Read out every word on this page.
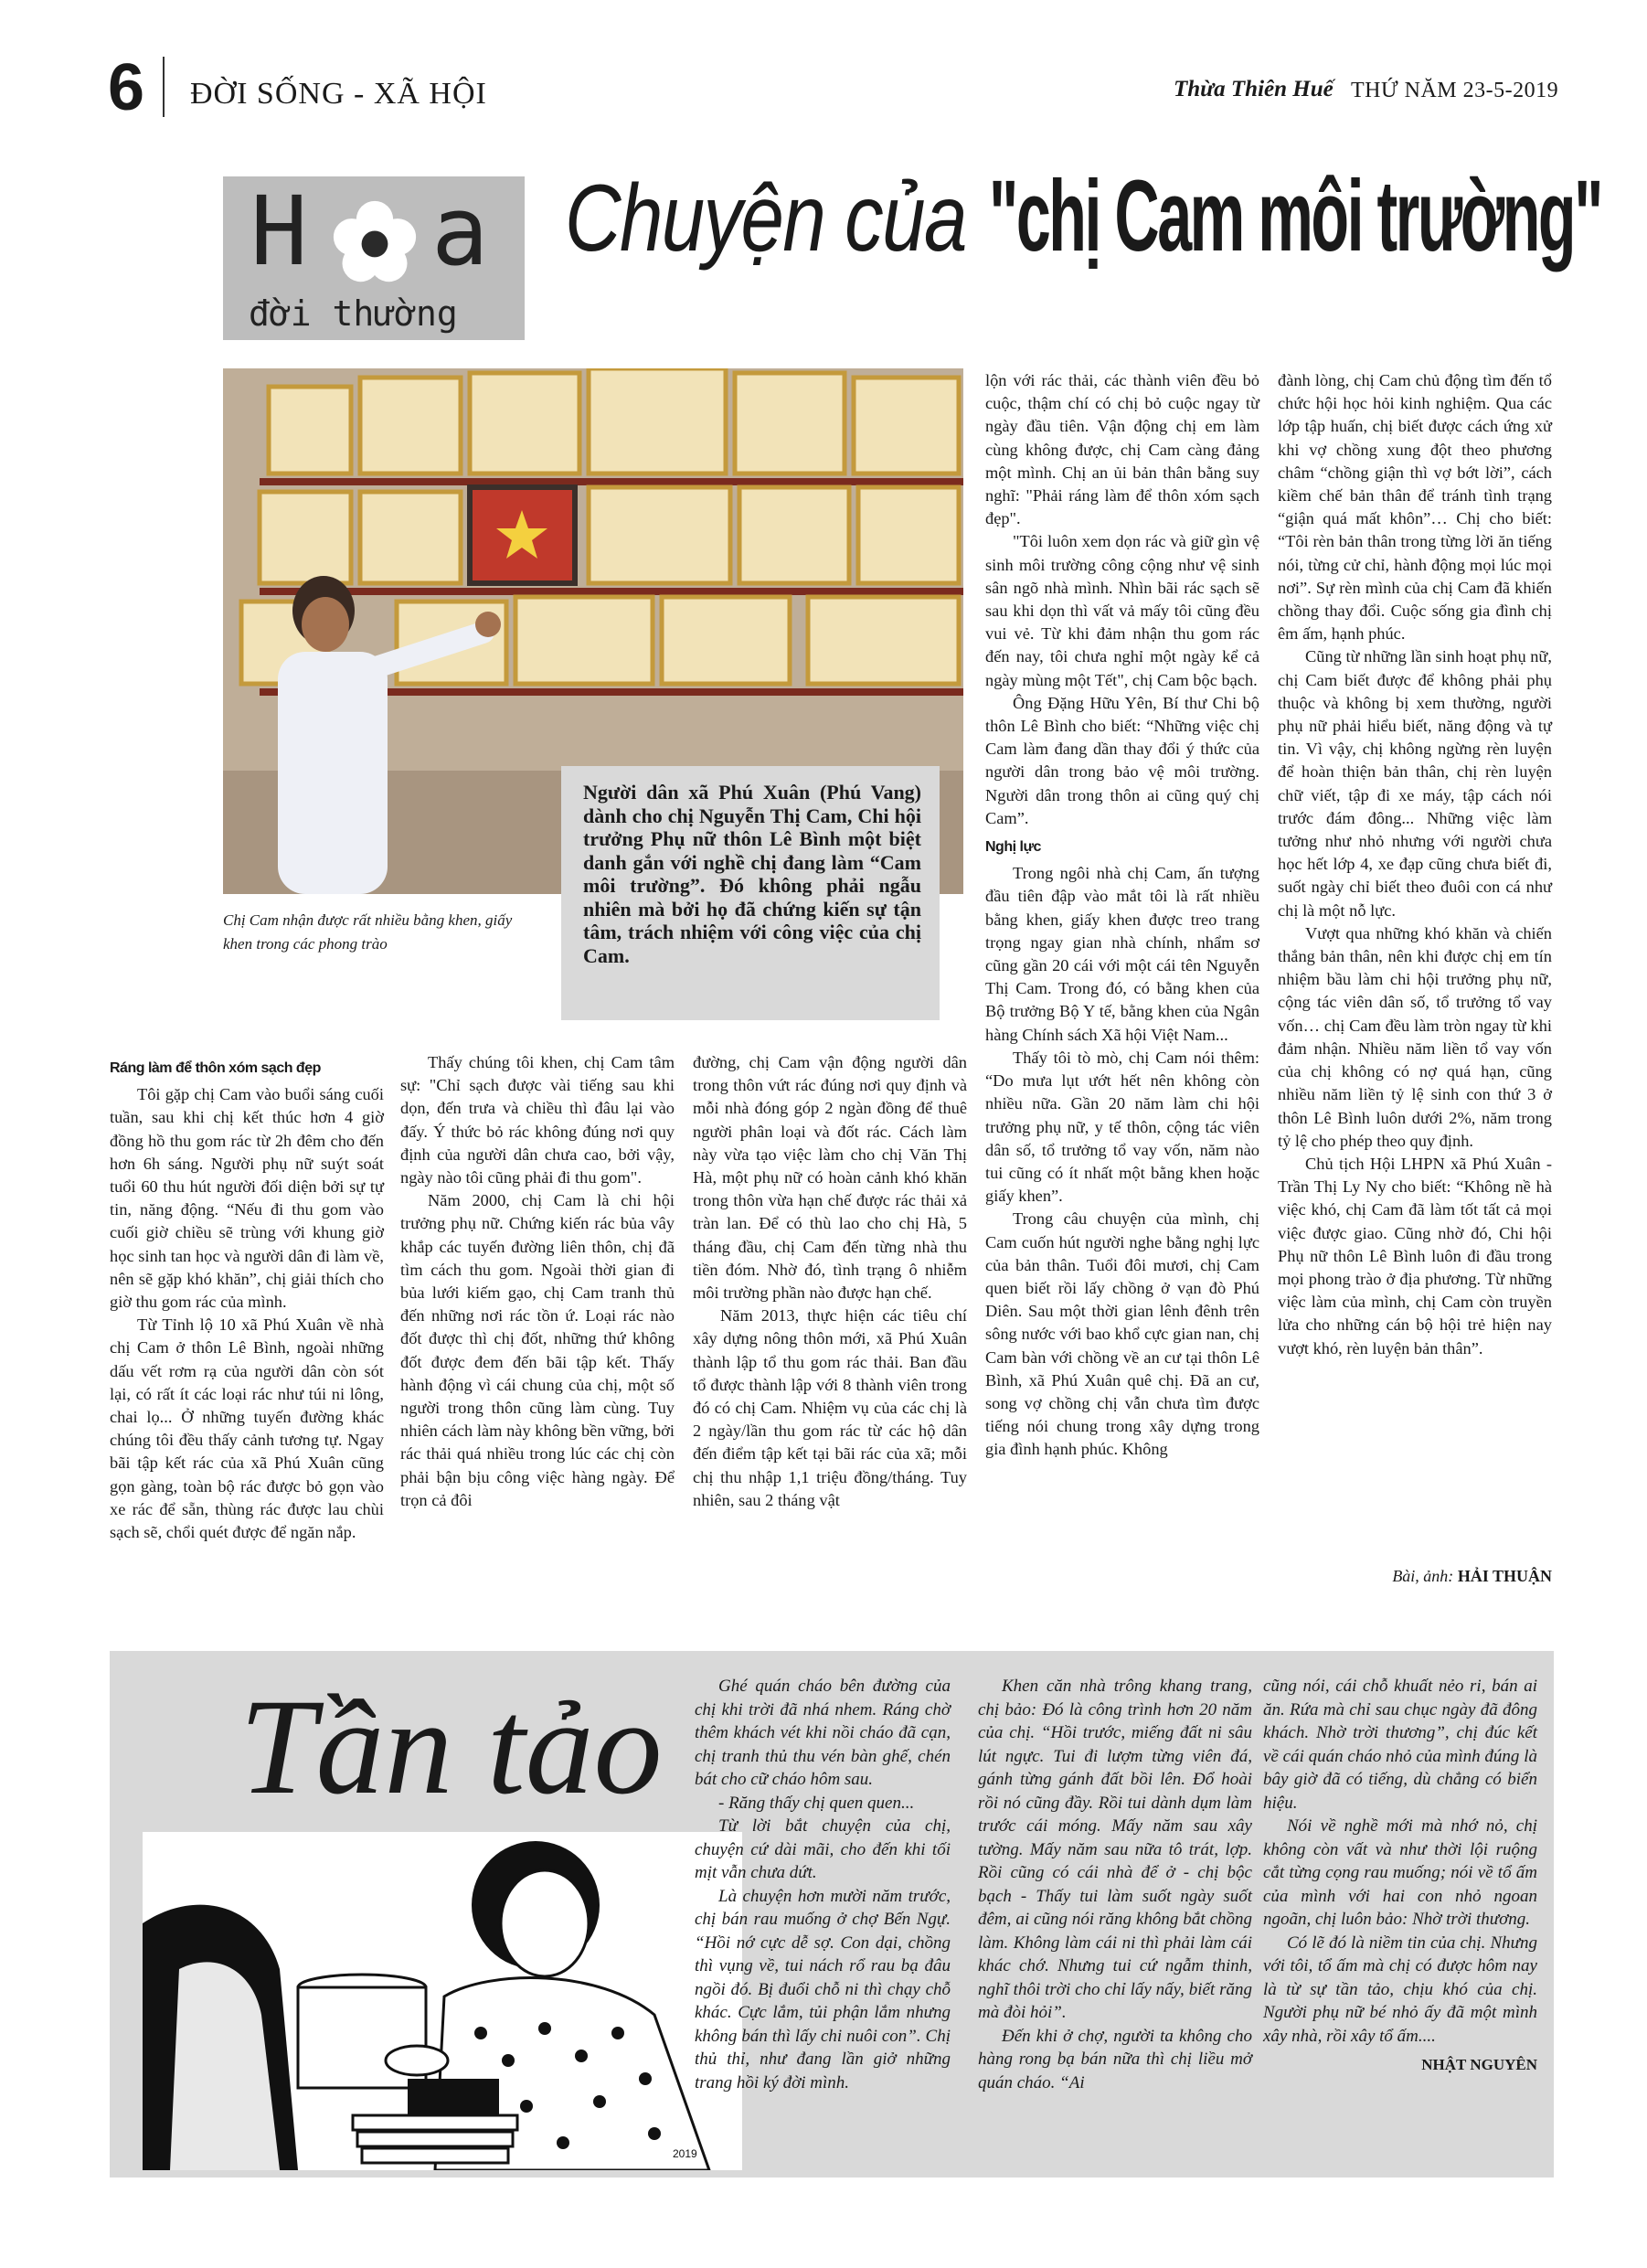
6 ĐỜI SỐNG - XÃ HỘI	Thừa Thiên Huế THỨ NĂM 23-5-2019
H a
đời thường
Chuyện của "chị Cam môi trường"
Chị Cam nhận được rất nhiều bằng khen, giấy khen trong các phong trào
Người dân xã Phú Xuân (Phú Vang) dành cho chị Nguyễn Thị Cam, Chi hội trưởng Phụ nữ thôn Lê Bình một biệt danh gắn với nghề chị đang làm “Cam môi trường”. Đó không phải ngẫu nhiên mà bởi họ đã chứng kiến sự tận tâm, trách nhiệm với công việc của chị Cam.

Ráng làm để thôn xóm sạch đẹp

Tôi gặp chị Cam vào buổi sáng cuối tuần, sau khi chị kết thúc hơn 4 giờ đồng hồ thu gom rác từ 2h đêm cho đến hơn 6h sáng. Người phụ nữ suýt soát tuổi 60 thu hút người đối diện bởi sự tự tin, năng động. “Nếu đi thu gom vào cuối giờ chiều sẽ trùng với khung giờ học sinh tan học và người dân đi làm về, nên sẽ gặp khó khăn”, chị giải thích cho giờ thu gom rác của mình.

Từ Tỉnh lộ 10 xã Phú Xuân về nhà chị Cam ở thôn Lê Bình, ngoài những dấu vết rơm rạ của người dân còn sót lại, có rất ít các loại rác như túi ni lông, chai lọ... Ở những tuyến đường khác chúng tôi đều thấy cảnh tương tự. Ngay bãi tập kết rác của xã Phú Xuân cũng gọn gàng, toàn bộ rác được bỏ gọn vào xe rác để sẵn, thùng rác được lau chùi sạch sẽ, chổi quét được để ngăn nắp.

Thấy chúng tôi khen, chị Cam tâm sự: "Chỉ sạch được vài tiếng sau khi dọn, đến trưa và chiều thì đâu lại vào đấy. Ý thức bỏ rác không đúng nơi quy định của người dân chưa cao, bởi vậy, ngày nào tôi cũng phải đi thu gom".

Năm 2000, chị Cam là chi hội trưởng phụ nữ. Chứng kiến rác bủa vây khắp các tuyến đường liên thôn, chị đã tìm cách thu gom. Ngoài thời gian đi bủa lưới kiếm gạo, chị Cam tranh thủ đến những nơi rác tồn ứ. Loại rác nào đốt được thì chị đốt, những thứ không đốt được đem đến bãi tập kết. Thấy hành động vì cái chung của chị, một số người trong thôn cũng làm cùng. Tuy nhiên cách làm này không bền vững, bởi rác thải quá nhiều trong lúc các chị còn phải bận bịu công việc hàng ngày. Để trọn cả đôi

đường, chị Cam vận động người dân trong thôn vứt rác đúng nơi quy định và mỗi nhà đóng góp 2 ngàn đồng để thuê người phân loại và đốt rác. Cách làm này vừa tạo việc làm cho chị Văn Thị Hà, một phụ nữ có hoàn cảnh khó khăn trong thôn vừa hạn chế được rác thải xả tràn lan. Để có thù lao cho chị Hà, 5 tháng đầu, chị Cam đến từng nhà thu tiền đóm. Nhờ đó, tình trạng ô nhiễm môi trường phần nào được hạn chế.

Năm 2013, thực hiện các tiêu chí xây dựng nông thôn mới, xã Phú Xuân thành lập tổ thu gom rác thải. Ban đầu tổ được thành lập với 8 thành viên trong đó có chị Cam. Nhiệm vụ của các chị là 2 ngày/lần thu gom rác từ các hộ dân đến điểm tập kết tại bãi rác của xã; mỗi chị thu nhập 1,1 triệu đồng/tháng. Tuy nhiên, sau 2 tháng vật

lộn với rác thải, các thành viên đều bỏ cuộc, thậm chí có chị bỏ cuộc ngay từ ngày đầu tiên. Vận động chị em làm cùng không được, chị Cam càng đảng một mình. Chị an ủi bản thân bằng suy nghĩ: "Phải ráng làm để thôn xóm sạch đẹp".

"Tôi luôn xem dọn rác và giữ gìn vệ sinh môi trường công cộng như vệ sinh sân ngõ nhà mình. Nhìn bãi rác sạch sẽ sau khi dọn thì vất vả mấy tôi cũng đều vui vẻ. Từ khi đảm nhận thu gom rác đến nay, tôi chưa nghỉ một ngày kể cả ngày mùng một Tết", chị Cam bộc bạch.

Ông Đặng Hữu Yên, Bí thư Chi bộ thôn Lê Bình cho biết: “Những việc chị Cam làm đang dần thay đổi ý thức của người dân trong bảo vệ môi trường. Người dân trong thôn ai cũng quý chị Cam”.

Nghị lực

Trong ngôi nhà chị Cam, ấn tượng đầu tiên đập vào mắt tôi là rất nhiều bằng khen, giấy khen được treo trang trọng ngay gian nhà chính, nhẩm sơ cũng gần 20 cái với một cái tên Nguyễn Thị Cam. Trong đó, có bằng khen của Bộ trưởng Bộ Y tế, bằng khen của Ngân hàng Chính sách Xã hội Việt Nam...

Thấy tôi tò mò, chị Cam nói thêm: “Do mưa lụt ướt hết nên không còn nhiều nữa. Gần 20 năm làm chi hội trưởng phụ nữ, y tế thôn, cộng tác viên dân số, tổ trưởng tổ vay vốn, năm nào tui cũng có ít nhất một bằng khen hoặc giấy khen”.

Trong câu chuyện của mình, chị Cam cuốn hút người nghe bằng nghị lực của bản thân. Tuổi đôi mươi, chị Cam quen biết rồi lấy chồng ở vạn đò Phú Diên. Sau một thời gian lênh đênh trên sông nước với bao khổ cực gian nan, chị Cam bàn với chồng về an cư tại thôn Lê Bình, xã Phú Xuân quê chị. Đã an cư, song vợ chồng chị vẫn chưa tìm được tiếng nói chung trong xây dựng trong gia đình hạnh phúc. Không

đành lòng, chị Cam chủ động tìm đến tổ chức hội học hỏi kinh nghiệm. Qua các lớp tập huấn, chị biết được cách ứng xử khi vợ chồng xung đột theo phương châm “chồng giận thì vợ bớt lời”, cách kiềm chế bản thân để tránh tình trạng “giận quá mất khôn”… Chị cho biết: “Tôi rèn bản thân trong từng lời ăn tiếng nói, từng cử chỉ, hành động mọi lúc mọi nơi”. Sự rèn mình của chị Cam đã khiến chồng thay đổi. Cuộc sống gia đình chị êm ấm, hạnh phúc.

Cũng từ những lần sinh hoạt phụ nữ, chị Cam biết được để không phải phụ thuộc và không bị xem thường, người phụ nữ phải hiểu biết, năng động và tự tin. Vì vậy, chị không ngừng rèn luyện để hoàn thiện bản thân, chị rèn luyện chữ viết, tập đi xe máy, tập cách nói trước đám đông... Những việc làm tưởng như nhỏ nhưng với người chưa học hết lớp 4, xe đạp cũng chưa biết đi, suốt ngày chỉ biết theo đuôi con cá như chị là một nỗ lực.

Vượt qua những khó khăn và chiến thắng bản thân, nên khi được chị em tín nhiệm bầu làm chi hội trưởng phụ nữ, cộng tác viên dân số, tổ trưởng tổ vay vốn… chị Cam đều làm tròn ngay từ khi đảm nhận. Nhiều năm liền tổ vay vốn của chị không có nợ quá hạn, cũng nhiều năm liền tỷ lệ sinh con thứ 3 ở thôn Lê Bình luôn dưới 2%, năm trong tỷ lệ cho phép theo quy định.

Chủ tịch Hội LHPN xã Phú Xuân - Trần Thị Ly Ny cho biết: “Không nề hà việc khó, chị Cam đã làm tốt tất cả mọi việc được giao. Cũng nhờ đó, Chi hội Phụ nữ thôn Lê Bình luôn đi đầu trong mọi phong trào ở địa phương. Từ những việc làm của mình, chị Cam còn truyền lửa cho những cán bộ hội trẻ hiện nay vượt khó, rèn luyện bản thân”.

Bài, ảnh: HẢI THUẬN
Tần tảo
2019

Ghé quán cháo bên đường của chị khi trời đã nhá nhem. Ráng chờ thêm khách vét khi nồi cháo đã cạn, chị tranh thủ thu vén bàn ghế, chén bát cho cữ cháo hôm sau.

- Răng thấy chị quen quen...

Từ lời bắt chuyện của chị, chuyện cứ dài mãi, cho đến khi tối mịt vẫn chưa dứt.

Là chuyện hơn mười năm trước, chị bán rau muống ở chợ Bến Ngự. “Hồi nớ cực dễ sợ. Con dại, chồng thì vụng về, tui nách rổ rau bạ đâu ngồi đó. Bị đuổi chỗ ni thì chạy chỗ khác. Cực lắm, tủi phận lắm nhưng không bán thì lấy chi nuôi con”. Chị thủ thỉ, như đang lần giở những trang hồi ký đời mình.

Khen căn nhà trông khang trang, chị bảo: Đó là công trình hơn 20 năm của chị. “Hồi trước, miếng đất ni sâu lút ngực. Tui đi lượm từng viên đá, gánh từng gánh đất bồi lên. Đổ hoài rồi nó cũng đầy. Rồi tui dành dụm làm trước cái móng. Mấy năm sau xây tường. Mấy năm sau nữa tô trát, lợp. Rồi cũng có cái nhà để ở - chị bộc bạch - Thấy tui làm suốt ngày suốt đêm, ai cũng nói răng không bắt chồng làm. Không làm cái ni thì phải làm cái khác chớ. Nhưng tui cứ ngẫm thinh, nghĩ thôi trời cho chỉ lấy nấy, biết răng mà đòi hỏi”.

Đến khi ở chợ, người ta không cho hàng rong bạ bán nữa thì chị liều mở quán cháo. “Ai

cũng nói, cái chỗ khuất nẻo ri, bán ai ăn. Rứa mà chỉ sau chục ngày đã đông khách. Nhờ trời thương”, chị đúc kết về cái quán cháo nhỏ của mình đúng là bây giờ đã có tiếng, dù chẳng có biển hiệu.

Nói về nghề mới mà nhớ nỏ, chị không còn vất và như thời lội ruộng cắt từng cọng rau muống; nói về tổ ấm của mình với hai con nhỏ ngoan ngoãn, chị luôn bảo: Nhờ trời thương.

Có lẽ đó là niềm tin của chị. Nhưng với tôi, tổ ấm mà chị có được hôm nay là từ sự tần tảo, chịu khó của chị. Người phụ nữ bé nhỏ ấy đã một mình xây nhà, rồi xây tổ ấm....

NHẬT NGUYÊN
